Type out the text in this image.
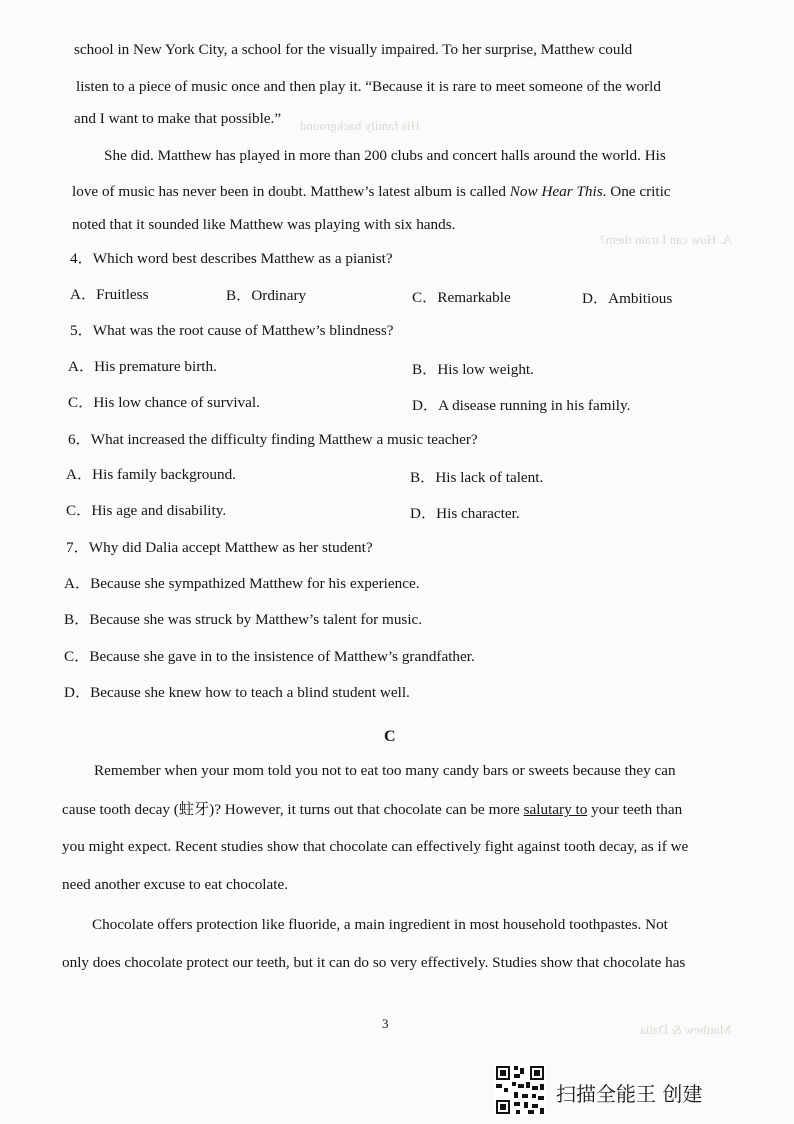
His family background
A. How can I train them?
Matthew & Dalia
school in New York City, a school for the visually impaired. To her surprise, Matthew could
listen to a piece of music once and then play it. “Because it is rare to meet someone of the world
and I want to make that possible.”
She did. Matthew has played in more than 200 clubs and concert halls around the world. His
love of music has never been in doubt. Matthew’s latest album is called Now Hear This. One critic
noted that it sounded like Matthew was playing with six hands.
4．Which word best describes Matthew as a pianist?
A．Fruitless	B．Ordinary	C．Remarkable	D．Ambitious
5．What was the root cause of Matthew’s blindness?
A．His premature birth.	B．His low weight.
C．His low chance of survival.	D．A disease running in his family.
6．What increased the difficulty finding Matthew a music teacher?
A．His family background.	B．His lack of talent.
C．His age and disability.	D．His character.
7．Why did Dalia accept Matthew as her student?
A．Because she sympathized Matthew for his experience.
B．Because she was struck by Matthew’s talent for music.
C．Because she gave in to the insistence of Matthew’s grandfather.
D．Because she knew how to teach a blind student well.
C
Remember when your mom told you not to eat too many candy bars or sweets because they can
cause tooth decay (蛀牙)? However, it turns out that chocolate can be more salutary to your teeth than
you might expect. Recent studies show that chocolate can effectively fight against tooth decay, as if we
need another excuse to eat chocolate.
Chocolate offers protection like fluoride, a main ingredient in most household toothpastes. Not
only does chocolate protect our teeth, but it can do so very effectively. Studies show that chocolate has
3
扫描全能王 创建
